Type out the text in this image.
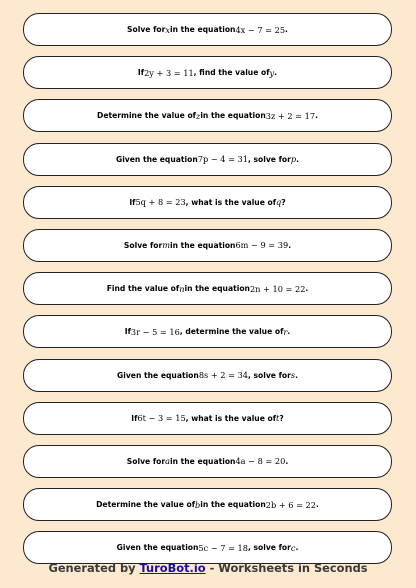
Solve for x in the equation 4x − 7 = 25 .
If 2y + 3 = 11 , find the value of y .
Determine the value of z in the equation 3z + 2 = 17 .
Given the equation 7p − 4 = 31 , solve for p .
If 5q + 8 = 23 , what is the value of q ?
Solve for m in the equation 6m − 9 = 39 .
Find the value of n in the equation 2n + 10 = 22 .
If 3r − 5 = 16 , determine the value of r .
Given the equation 8s + 2 = 34 , solve for s .
If 6t − 3 = 15 , what is the value of t ?
Solve for a in the equation 4a − 8 = 20 .
Determine the value of b in the equation 2b + 6 = 22 .
Given the equation 5c − 7 = 18 , solve for c .
Generated by TuroBot.io - Worksheets in Seconds
